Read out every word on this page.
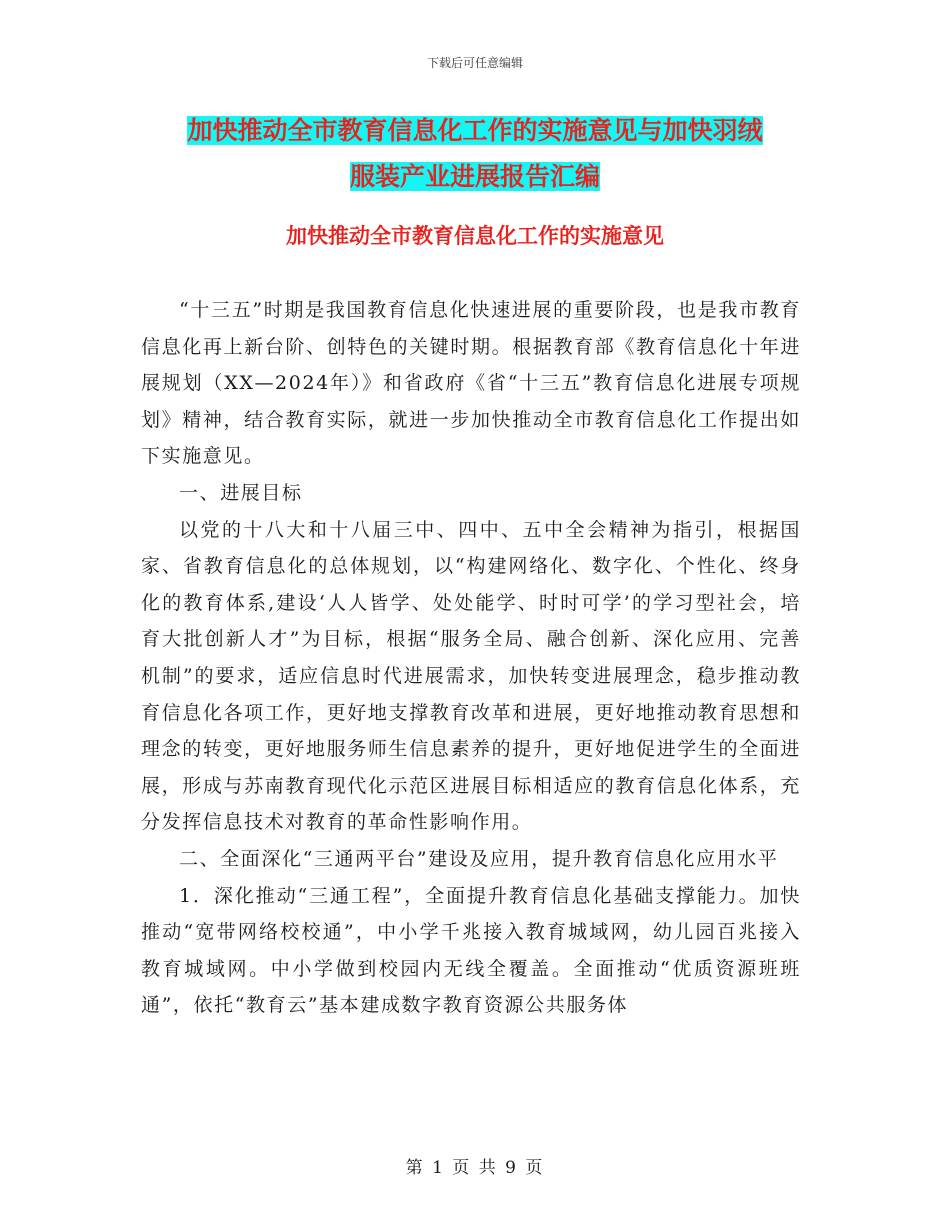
下载后可任意编辑
加快推动全市教育信息化工作的实施意见与加快羽绒
服装产业进展报告汇编
加快推动全市教育信息化工作的实施意见

“十三五”时期是我国教育信息化快速进展的重要阶段，也是我市教育信息化再上新台阶、创特色的关键时期。根据教育部《教育信息化十年进展规划（XX—2024年）》和省政府《省“十三五”教育信息化进展专项规划》精神，结合教育实际，就进一步加快推动全市教育信息化工作提出如下实施意见。

一、进展目标

以党的十八大和十八届三中、四中、五中全会精神为指引，根据国家、省教育信息化的总体规划，以“构建网络化、数字化、个性化、终身化的教育体系,建设‘人人皆学、处处能学、时时可学’的学习型社会，培育大批创新人才”为目标，根据“服务全局、融合创新、深化应用、完善机制”的要求，适应信息时代进展需求，加快转变进展理念，稳步推动教育信息化各项工作，更好地支撑教育改革和进展，更好地推动教育思想和理念的转变，更好地服务师生信息素养的提升，更好地促进学生的全面进展，形成与苏南教育现代化示范区进展目标相适应的教育信息化体系，充分发挥信息技术对教育的革命性影响作用。

二、全面深化“三通两平台”建设及应用，提升教育信息化应用水平

1．深化推动“三通工程”，全面提升教育信息化基础支撑能力。加快推动“宽带网络校校通”，中小学千兆接入教育城域网，幼儿园百兆接入教育城域网。中小学做到校园内无线全覆盖。全面推动“优质资源班班通”，依托“教育云”基本建成数字教育资源公共服务体

第 1 页 共 9 页
